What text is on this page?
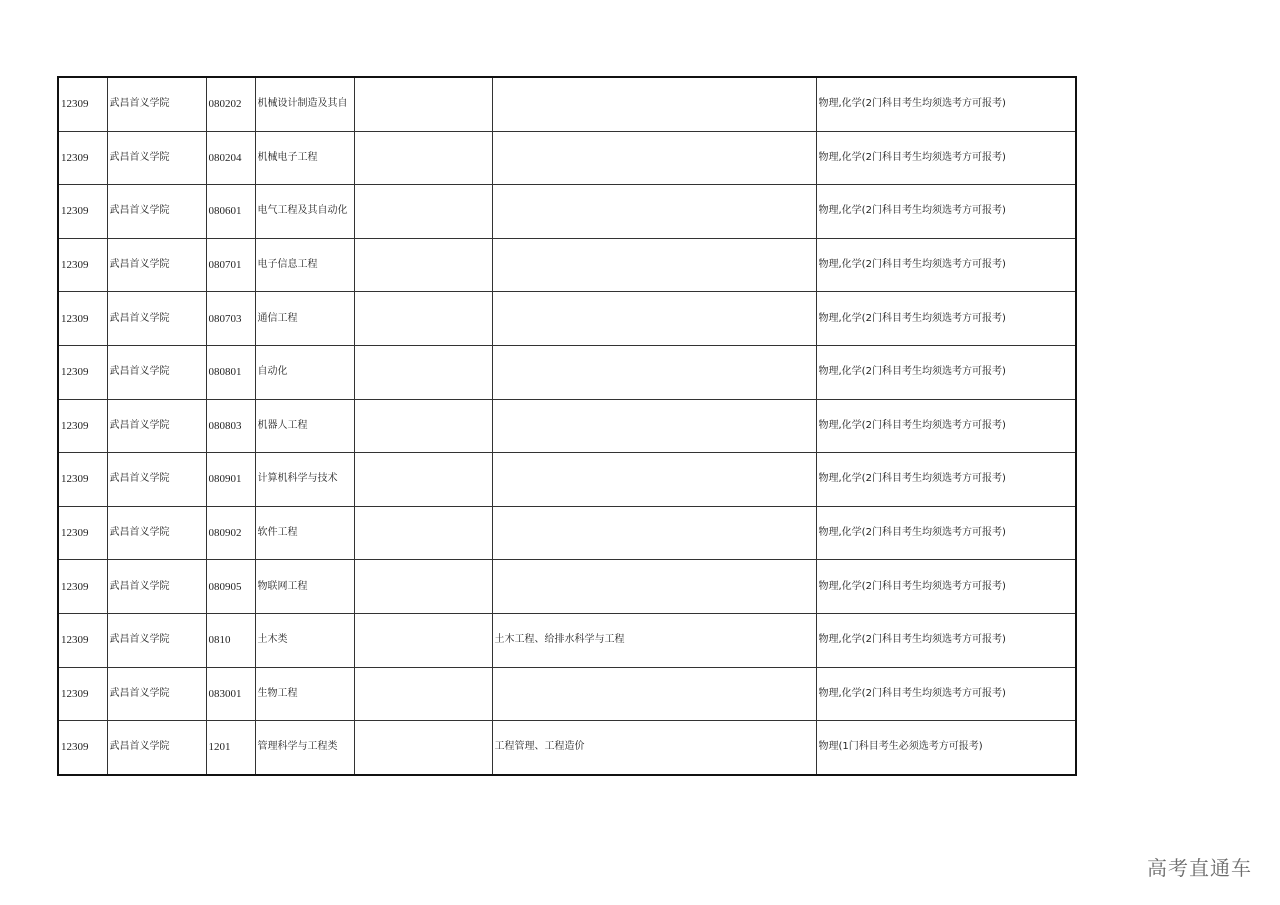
12309	武昌首义学院	080202	机械设计制造及其自			物理,化学(2门科目考生均须选考方可报考)
12309	武昌首义学院	080204	机械电子工程			物理,化学(2门科目考生均须选考方可报考)
12309	武昌首义学院	080601	电气工程及其自动化			物理,化学(2门科目考生均须选考方可报考)
12309	武昌首义学院	080701	电子信息工程			物理,化学(2门科目考生均须选考方可报考)
12309	武昌首义学院	080703	通信工程			物理,化学(2门科目考生均须选考方可报考)
12309	武昌首义学院	080801	自动化			物理,化学(2门科目考生均须选考方可报考)
12309	武昌首义学院	080803	机器人工程			物理,化学(2门科目考生均须选考方可报考)
12309	武昌首义学院	080901	计算机科学与技术			物理,化学(2门科目考生均须选考方可报考)
12309	武昌首义学院	080902	软件工程			物理,化学(2门科目考生均须选考方可报考)
12309	武昌首义学院	080905	物联网工程			物理,化学(2门科目考生均须选考方可报考)
12309	武昌首义学院	0810	土木类		土木工程、给排水科学与工程	物理,化学(2门科目考生均须选考方可报考)
12309	武昌首义学院	083001	生物工程			物理,化学(2门科目考生均须选考方可报考)
12309	武昌首义学院	1201	管理科学与工程类		工程管理、工程造价	物理(1门科目考生必须选考方可报考)
高考直通车
